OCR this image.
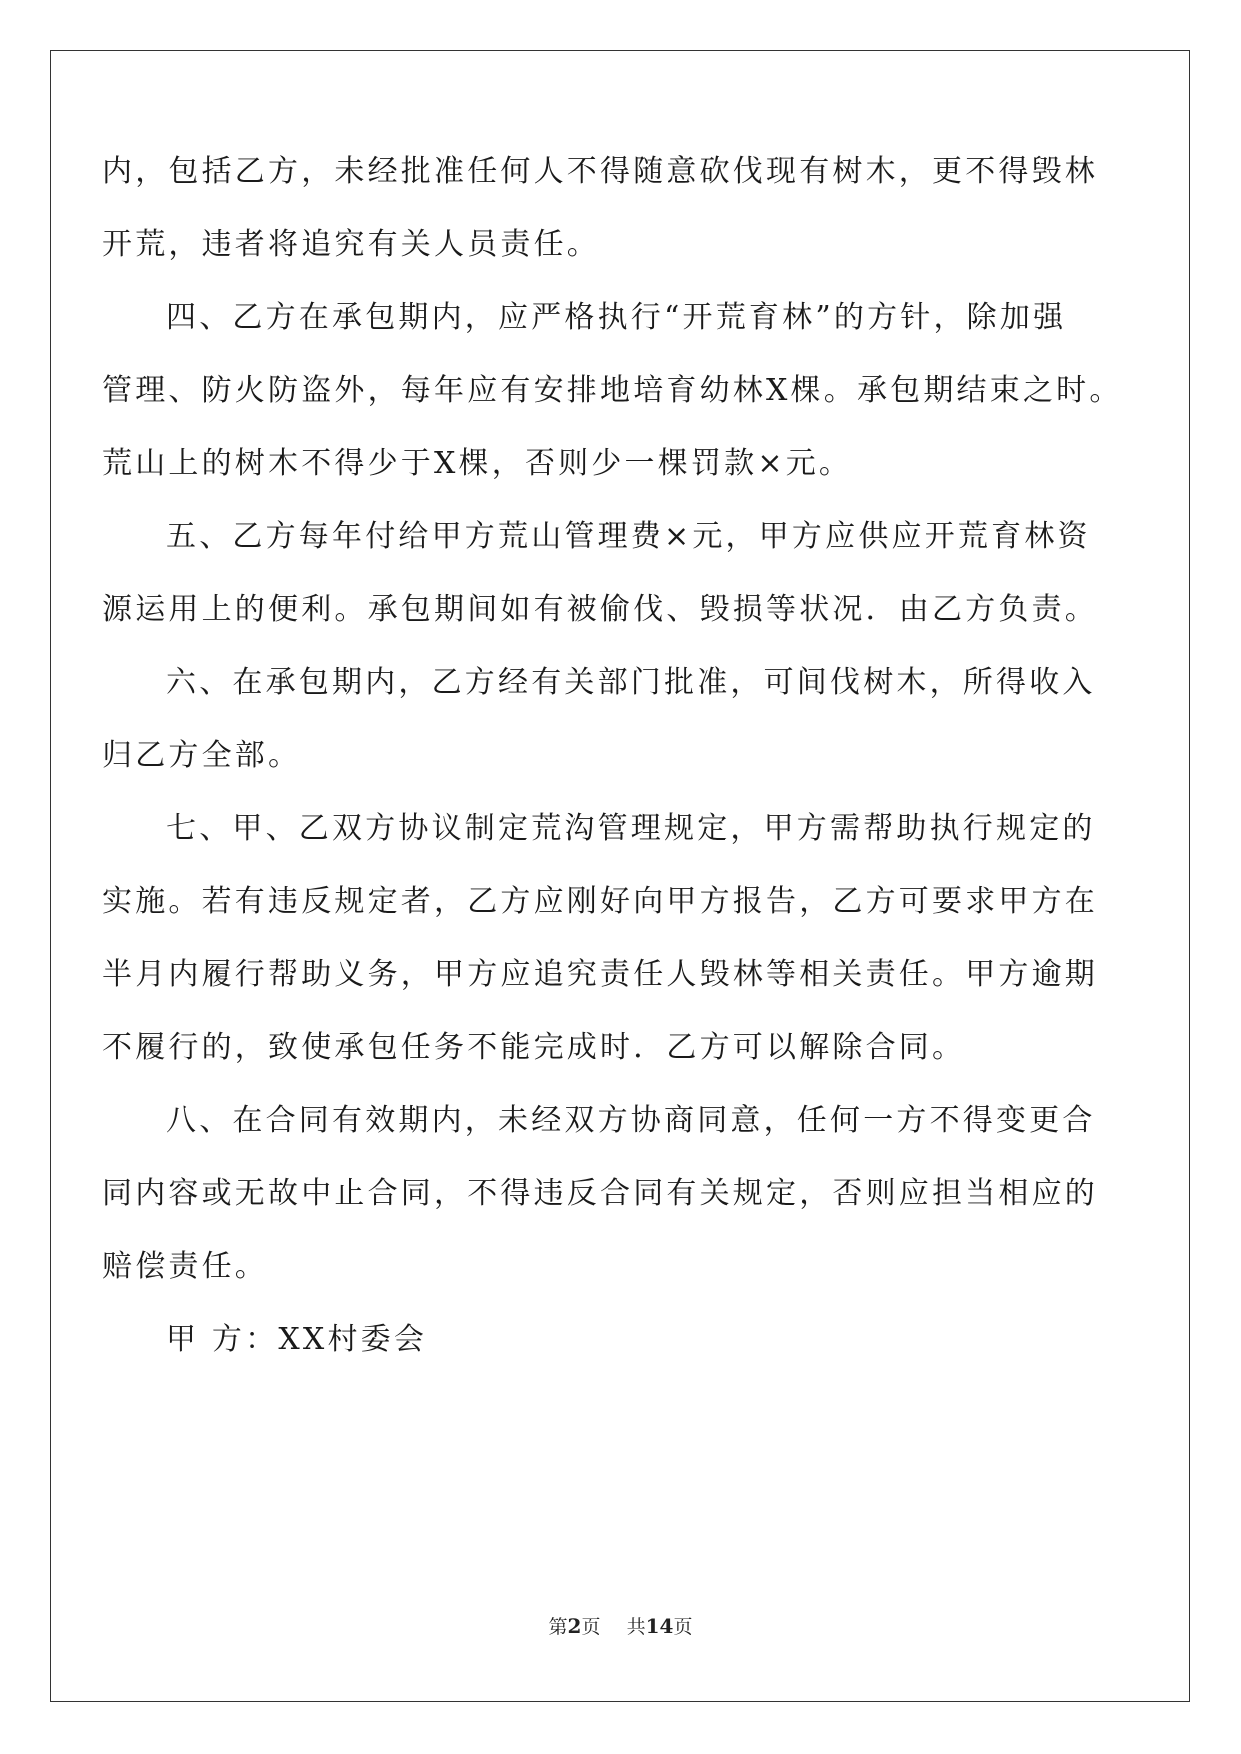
内，包括乙方，未经批准任何人不得随意砍伐现有树木，更不得毁林
开荒，违者将追究有关人员责任。
四、乙方在承包期内，应严格执行“开荒育林”的方针，除加强
管理、防火防盗外，每年应有安排地培育幼林X棵。承包期结束之时。
荒山上的树木不得少于X棵，否则少一棵罚款×元。
五、乙方每年付给甲方荒山管理费×元，甲方应供应开荒育林资
源运用上的便利。承包期间如有被偷伐、毁损等状况．由乙方负责。
六、在承包期内，乙方经有关部门批准，可间伐树木，所得收入
归乙方全部。
七、甲、乙双方协议制定荒沟管理规定，甲方需帮助执行规定的
实施。若有违反规定者，乙方应刚好向甲方报告，乙方可要求甲方在
半月内履行帮助义务，甲方应追究责任人毁林等相关责任。甲方逾期
不履行的，致使承包任务不能完成时．乙方可以解除合同。
八、在合同有效期内，未经双方协商同意，任何一方不得变更合
同内容或无故中止合同，不得违反合同有关规定，否则应担当相应的
赔偿责任。
甲 方：XX村委会
第2页 共14页
